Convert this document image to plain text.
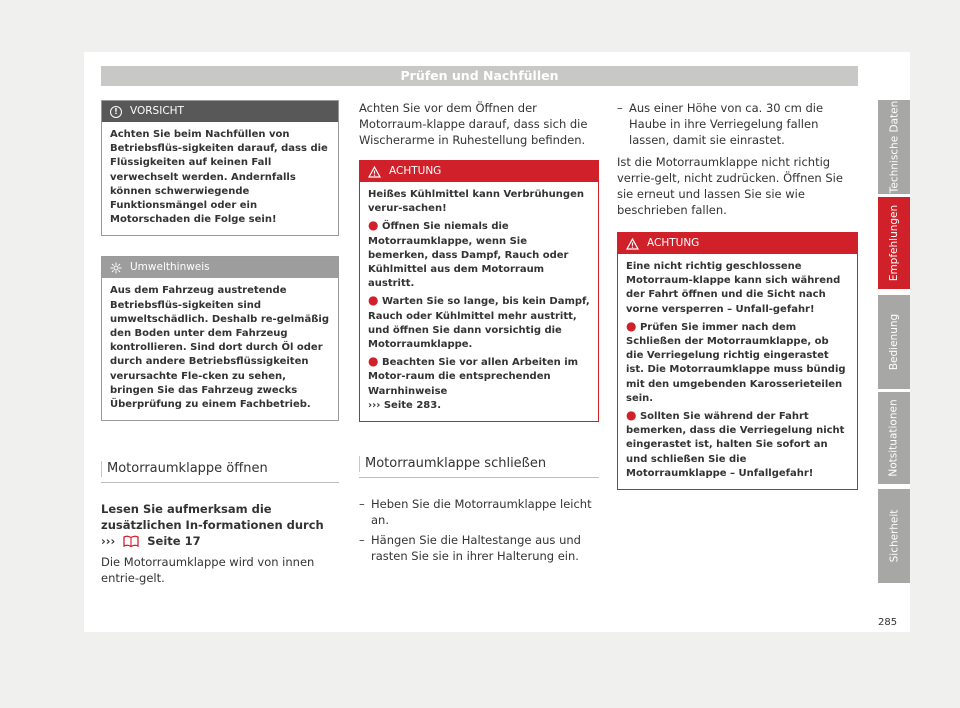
Prüfen und Nachfüllen
!	VORSICHT

Achten Sie beim Nachfüllen von Betriebsflüs-sigkeiten darauf, dass die Flüssigkeiten auf keinen Fall verwechselt werden. Andernfalls können schwerwiegende Funktionsmängel oder ein Motorschaden die Folge sein!

Umwelthinweis

Aus dem Fahrzeug austretende Betriebsflüs-sigkeiten sind umweltschädlich. Deshalb re-gelmäßig den Boden unter dem Fahrzeug kontrollieren. Sind dort durch Öl oder durch andere Betriebsflüssigkeiten verursachte Fle-cken zu sehen, bringen Sie das Fahrzeug zwecks Überprüfung zu einem Fachbetrieb.

Motorraumklappe öffnen

Lesen Sie aufmerksam die zusätzlichen In-formationen durch ›››	Seite 17

Die Motorraumklappe wird von innen entrie-gelt.

Achten Sie vor dem Öffnen der Motorraum-klappe darauf, dass sich die Wischerarme in Ruhestellung befinden.

ACHTUNG

Heißes Kühlmittel kann Verbrühungen verur-sachen!

● Öffnen Sie niemals die Motorraumklappe, wenn Sie bemerken, dass Dampf, Rauch oder Kühlmittel aus dem Motorraum austritt.
● Warten Sie so lange, bis kein Dampf, Rauch oder Kühlmittel mehr austritt, und öffnen Sie dann vorsichtig die Motorraumklappe.
● Beachten Sie vor allen Arbeiten im Motor-raum die entsprechenden Warnhinweise
››› Seite 283.
Motorraumklappe schließen
– Heben Sie die Motorraumklappe leicht an.
– Hängen Sie die Haltestange aus und rasten Sie sie in ihrer Halterung ein.
– Aus einer Höhe von ca. 30 cm die Haube in ihre Verriegelung fallen lassen, damit sie einrastet.

Ist die Motorraumklappe nicht richtig verrie-gelt, nicht zudrücken. Öffnen Sie sie erneut und lassen Sie sie wie beschrieben fallen.

ACHTUNG

Eine nicht richtig geschlossene Motorraum-klappe kann sich während der Fahrt öffnen und die Sicht nach vorne versperren – Unfall-gefahr!

● Prüfen Sie immer nach dem Schließen der Motorraumklappe, ob die Verriegelung richtig eingerastet ist. Die Motorraumklappe muss bündig mit den umgebenden Karosserieteilen sein.
● Sollten Sie während der Fahrt bemerken, dass die Verriegelung nicht eingerastet ist, halten Sie sofort an und schließen Sie die Motorraumklappe – Unfallgefahr!
Technische Daten
Empfehlungen
Bedienung
Notsituationen
Sicherheit
285
